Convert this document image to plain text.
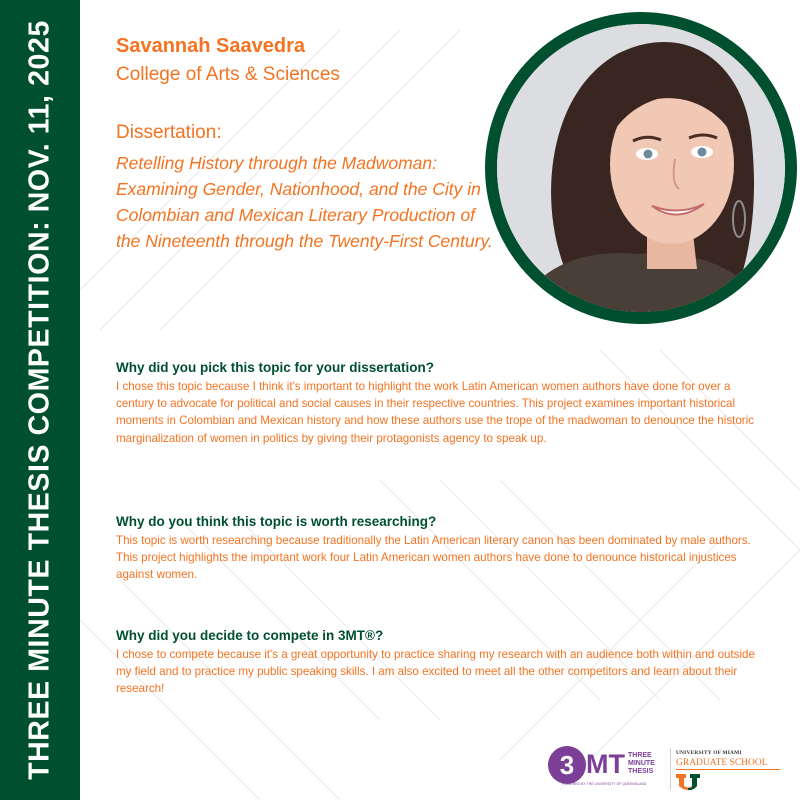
THREE MINUTE THESIS COMPETITION: NOV. 11, 2025	Savannah Saavedra
College of Arts & Sciences
Dissertation:
Retelling History through the Madwoman: Examining Gender, Nationhood, and the City in Colombian and Mexican Literary Production of the Nineteenth through the Twenty-First Century.
Why did you pick this topic for your dissertation?
I chose this topic because I think it's important to highlight the work Latin American women authors have done for over a century to advocate for political and social causes in their respective countries. This project examines important historical moments in Colombian and Mexican history and how these authors use the trope of the madwoman to denounce the historic marginalization of women in politics by giving their protagonists agency to speak up.
Why do you think this topic is worth researching?
This topic is worth researching because traditionally the Latin American literary canon has been dominated by male authors. This project highlights the important work four Latin American women authors have done to denounce historical injustices against women.
Why did you decide to compete in 3MT®?
I chose to compete because it's a great opportunity to practice sharing my research with an audience both within and outside my field and to practice my public speaking skills. I am also excited to meet all the other competitors and learn about their research!
3 MT THREE
MINUTE
THESIS
POWERED BY THE UNIVERSITY OF QUEENSLAND
UNIVERSITY OF MIAMI
GRADUATE SCHOOL
